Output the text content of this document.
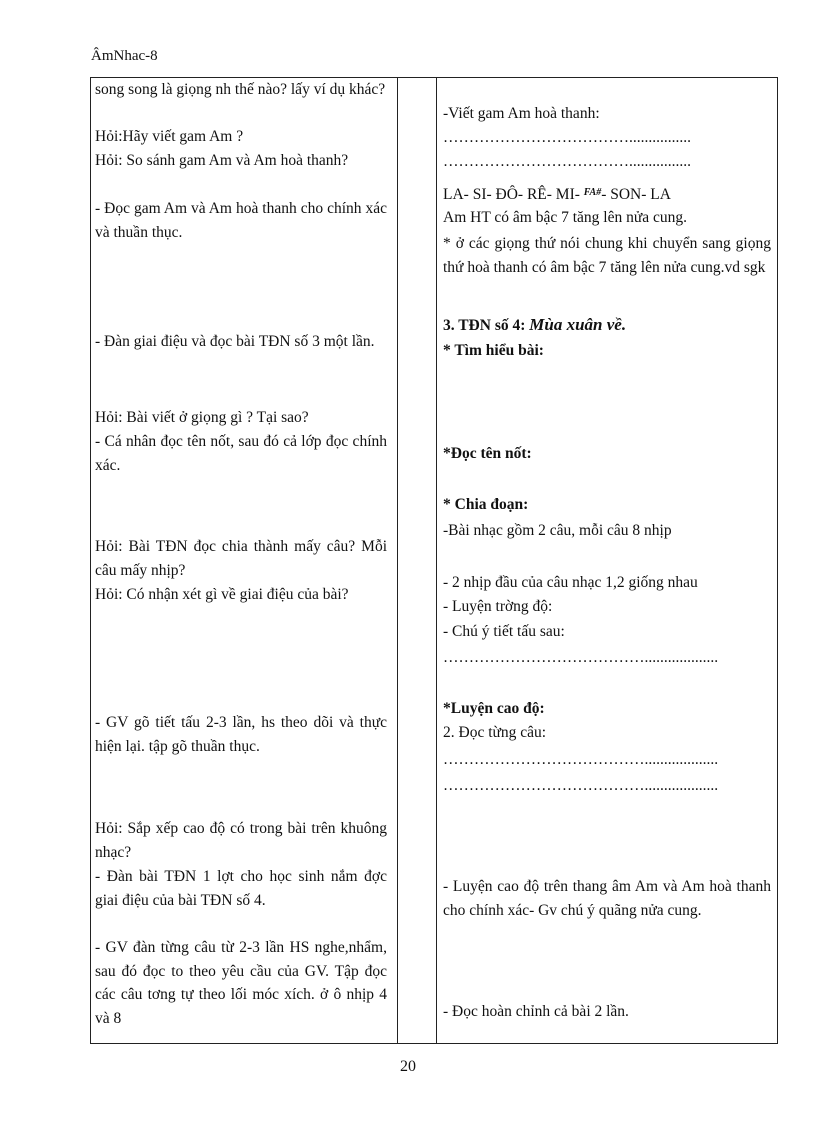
ÂmNhac-8
song song là giọng nh thế nào? lấy ví dụ khác?
Hỏi:Hãy viết gam Am ?
Hỏi: So sánh gam Am và Am hoà thanh?
- Đọc gam Am và Am hoà thanh cho chính xác và thuần thục.
- Đàn giai điệu và đọc bài TĐN số 3 một lần.
Hỏi: Bài viết ở giọng gì ? Tại sao?
- Cá nhân đọc tên nốt, sau đó cả lớp đọc chính xác.
Hỏi: Bài TĐN đọc chia thành mấy câu? Mỗi câu mấy nhịp?
Hỏi: Có nhận xét gì về giai điệu của bài?
- GV gõ tiết tấu 2-3 lần, hs theo dõi và thực hiện lại. tập gõ thuần thục.
Hỏi: Sắp xếp cao độ có trong bài trên khuông nhạc?
- Đàn bài TĐN 1 lợt cho học sinh nắm đợc giai điệu của bài TĐN số 4.
- GV đàn từng câu từ 2-3 lần HS nghe,nhẩm, sau đó đọc to theo yêu cầu của GV. Tập đọc các câu tơng tự theo lối móc xích. ở ô nhịp 4 và 8
-Viết gam Am hoà thanh:
………………………………................
………………………………................
LA- SI- ĐÔ- RÊ- MI- $^{FA\#}$- SON- LA
Am HT có âm bậc 7 tăng lên nửa cung.
* ở các giọng thứ nói chung khi chuyển sang giọng thứ hoà thanh có âm bậc 7 tăng lên nửa cung.vd sgk
3. TĐN số 4: Mùa xuân về.
* Tìm hiểu bài:
*Đọc tên nốt:
* Chia đoạn:
-Bài nhạc gồm 2 câu, mỗi câu 8 nhịp
- 2 nhịp đầu của câu nhạc 1,2 giống nhau
- Luyện trờng độ:
- Chú ý tiết tấu sau:
…………………………………...................
*Luyện cao độ:
2. Đọc từng câu:
…………………………………...................
…………………………………...................
- Luyện cao độ trên thang âm Am và Am hoà thanh cho chính xác- Gv chú ý quãng nửa cung.
- Đọc hoàn chỉnh cả bài 2 lần.
20
